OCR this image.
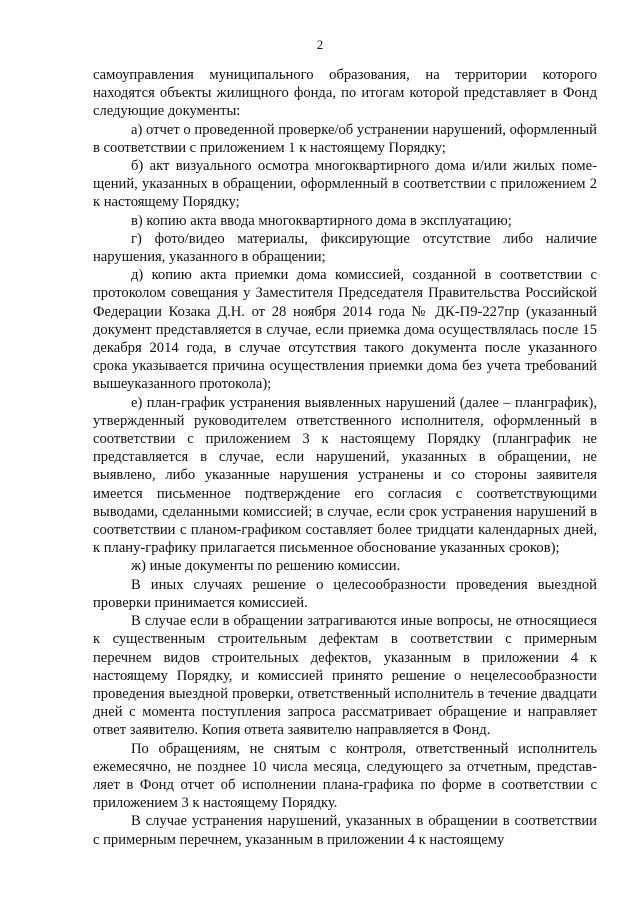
2

самоуправления муниципального образования, на территории которого находятся объекты жилищного фонда, по итогам которой представляет в Фонд следующие документы:

а) отчет о проведенной проверке/об устранении нарушений, оформленный в соответствии с приложением 1 к настоящему Порядку;

б) акт визуального осмотра многоквартирного дома и/или жилых помещений, указанных в обращении, оформленный в соответствии с приложением 2 к настоящему Порядку;

в) копию акта ввода многоквартирного дома в эксплуатацию;

г) фото/видео материалы, фиксирующие отсутствие либо наличие нарушения, указанного в обращении;

д) копию акта приемки дома комиссией, созданной в соответствии с протоколом совещания у Заместителя Председателя Правительства Российской Федерации Козака Д.Н. от 28 ноября 2014 года № ДК-П9-227пр (указанный документ представляется в случае, если приемка дома осуществлялась после 15 декабря 2014 года, в случае отсутствия такого документа после указанного срока указывается причина осуществления приемки дома без учета требований вышеуказанного протокола);

е) план-график устранения выявленных нарушений (далее – планграфик), утвержденный руководителем ответственного исполнителя, оформленный в соответствии с приложением 3 к настоящему Порядку (планграфик не представляется в случае, если нарушений, указанных в обращении, не выявлено, либо указанные нарушения устранены и со стороны заявителя имеется письменное подтверждение его согласия с соответствующими выводами, сделанными комиссией; в случае, если срок устранения нарушений в соответствии с планом-графиком составляет более тридцати календарных дней, к плану-графику прилагается письменное обоснование указанных сроков);

ж) иные документы по решению комиссии.

В иных случаях решение о целесообразности проведения выездной проверки принимается комиссией.

В случае если в обращении затрагиваются иные вопросы, не относящиеся к существенным строительным дефектам в соответствии с примерным перечнем видов строительных дефектов, указанным в приложении 4 к настоящему Порядку, и комиссией принято решение о нецелесообразности проведения выездной проверки, ответственный исполнитель в течение двадцати дней с момента поступления запроса рассматривает обращение и направляет ответ заявителю. Копия ответа заявителю направляется в Фонд.

По обращениям, не снятым с контроля, ответственный исполнитель ежемесячно, не позднее 10 числа месяца, следующего за отчетным, представляет в Фонд отчет об исполнении плана-графика по форме в соответствии с приложением 3 к настоящему Порядку.

В случае устранения нарушений, указанных в обращении в соответствии с примерным перечнем, указанным в приложении 4 к настоящему
